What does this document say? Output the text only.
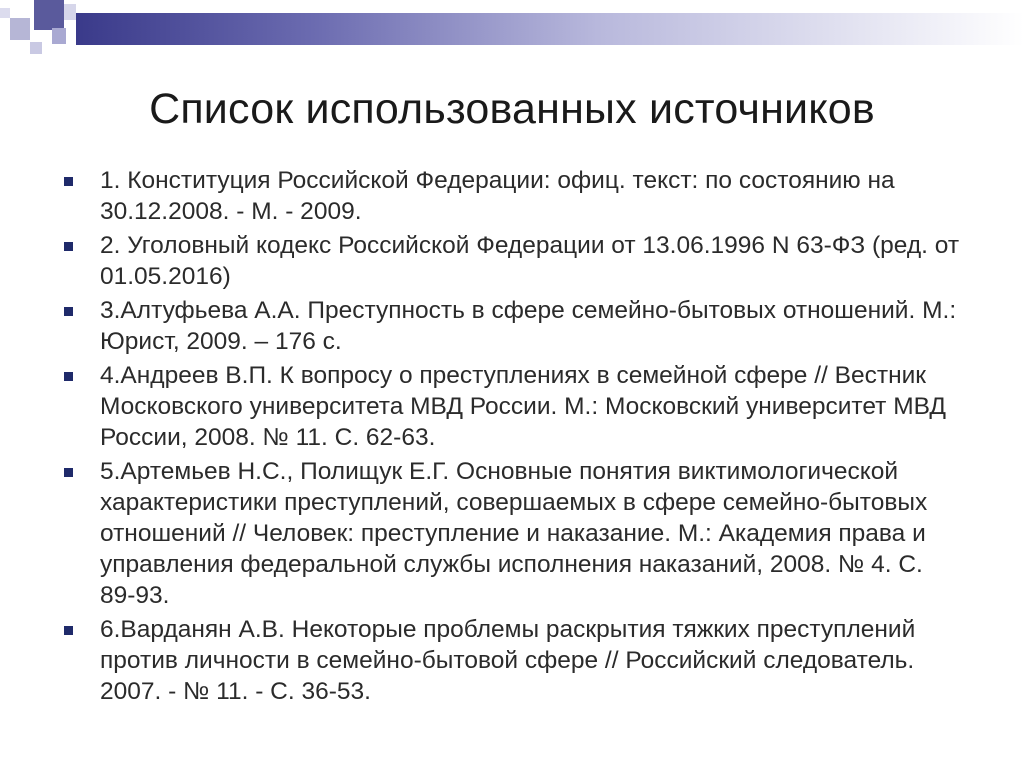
Список использованных источников
1. Конституция Российской Федерации: офиц. текст: по состоянию на 30.12.2008. - М. - 2009.
2. Уголовный кодекс Российской Федерации от 13.06.1996 N 63-ФЗ (ред. от 01.05.2016)
3.Алтуфьева А.А. Преступность в сфере семейно-бытовых отношений. М.: Юрист, 2009. – 176 с.
4.Андреев В.П. К вопросу о преступлениях в семейной сфере // Вестник Московского университета МВД России. М.: Московский университет МВД России, 2008. № 11. С. 62-63.
5.Артемьев Н.С., Полищук Е.Г. Основные понятия виктимологической характеристики преступлений, совершаемых в сфере семейно-бытовых отношений // Человек: преступление и наказание. М.: Академия права и управления федеральной службы исполнения наказаний, 2008. № 4. С. 89-93.
6.Варданян А.В. Некоторые проблемы раскрытия тяжких преступлений против личности в семейно-бытовой сфере // Российский следователь. 2007. - № 11. - С. 36-53.
